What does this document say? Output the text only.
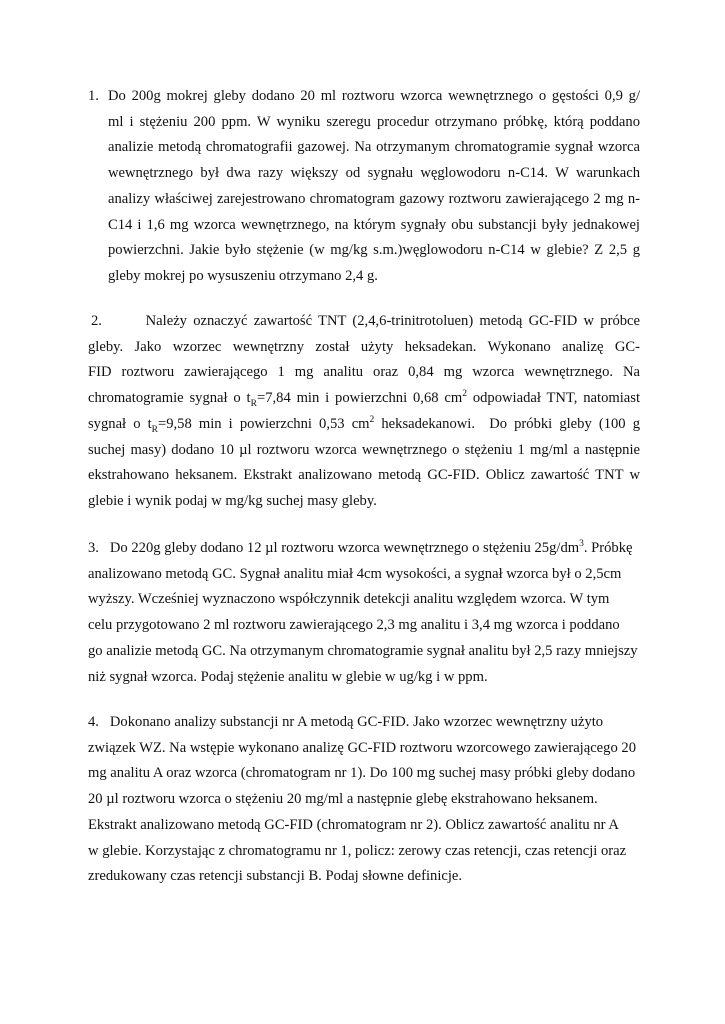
1. Do 200g mokrej gleby dodano 20 ml roztworu wzorca wewnętrznego o gęstości 0,9 g/
ml i stężeniu 200 ppm. W wyniku szeregu procedur otrzymano próbkę, którą poddano
analizie metodą chromatografii gazowej. Na otrzymanym chromatogramie sygnał wzorca
wewnętrznego był dwa razy większy od sygnału węglowodoru n-C14. W warunkach
analizy właściwej zarejestrowano chromatogram gazowy roztworu zawierającego 2 mg n-
C14 i 1,6 mg wzorca wewnętrznego, na którym sygnały obu substancji były jednakowej
powierzchni. Jakie było stężenie (w mg/kg s.m.)węglowodoru n-C14 w glebie? Z 2,5 g
gleby mokrej po wysuszeniu otrzymano 2,4 g.
2.       Należy oznaczyć zawartość TNT (2,4,6-trinitrotoluen) metodą GC-FID w próbce
gleby. Jako wzorzec wewnętrzny został użyty heksadekan. Wykonano analizę GC-
FID roztworu zawierającego 1 mg analitu oraz 0,84 mg wzorca wewnętrznego. Na
chromatogramie sygnał o $t_R=7,84$ min i powierzchni 0,68 $cm^2$ odpowiadał TNT, natomiast
sygnał o $t_R=9,58$ min i powierzchni 0,53 $cm^2$ heksadekanowi.  Do próbki gleby (100 g
suchej masy) dodano 10 µl roztworu wzorca wewnętrznego o stężeniu 1 mg/ml a następnie
ekstrahowano heksanem. Ekstrakt analizowano metodą GC-FID. Oblicz zawartość TNT w
glebie i wynik podaj w mg/kg suchej masy gleby.
3.   Do 220g gleby dodano 12 µl roztworu wzorca wewnętrznego o stężeniu $25g/dm^3$. Próbkę
analizowano metodą GC. Sygnał analitu miał 4cm wysokości, a sygnał wzorca był o 2,5cm
wyższy. Wcześniej wyznaczono współczynnik detekcji analitu względem wzorca. W tym
celu przygotowano 2 ml roztworu zawierającego 2,3 mg analitu i 3,4 mg wzorca i poddano
go analizie metodą GC. Na otrzymanym chromatogramie sygnał analitu był 2,5 razy mniejszy
niż sygnał wzorca. Podaj stężenie analitu w glebie w ug/kg i w ppm.
4.   Dokonano analizy substancji nr A metodą GC-FID. Jako wzorzec wewnętrzny użyto
związek WZ. Na wstępie wykonano analizę GC-FID roztworu wzorcowego zawierającego 20
mg analitu A oraz wzorca (chromatogram nr 1). Do 100 mg suchej masy próbki gleby dodano
20 µl roztworu wzorca o stężeniu 20 mg/ml a następnie glebę ekstrahowano heksanem.
Ekstrakt analizowano metodą GC-FID (chromatogram nr 2). Oblicz zawartość analitu nr A
w glebie. Korzystając z chromatogramu nr 1, policz: zerowy czas retencji, czas retencji oraz
zredukowany czas retencji substancji B. Podaj słowne definicje.
